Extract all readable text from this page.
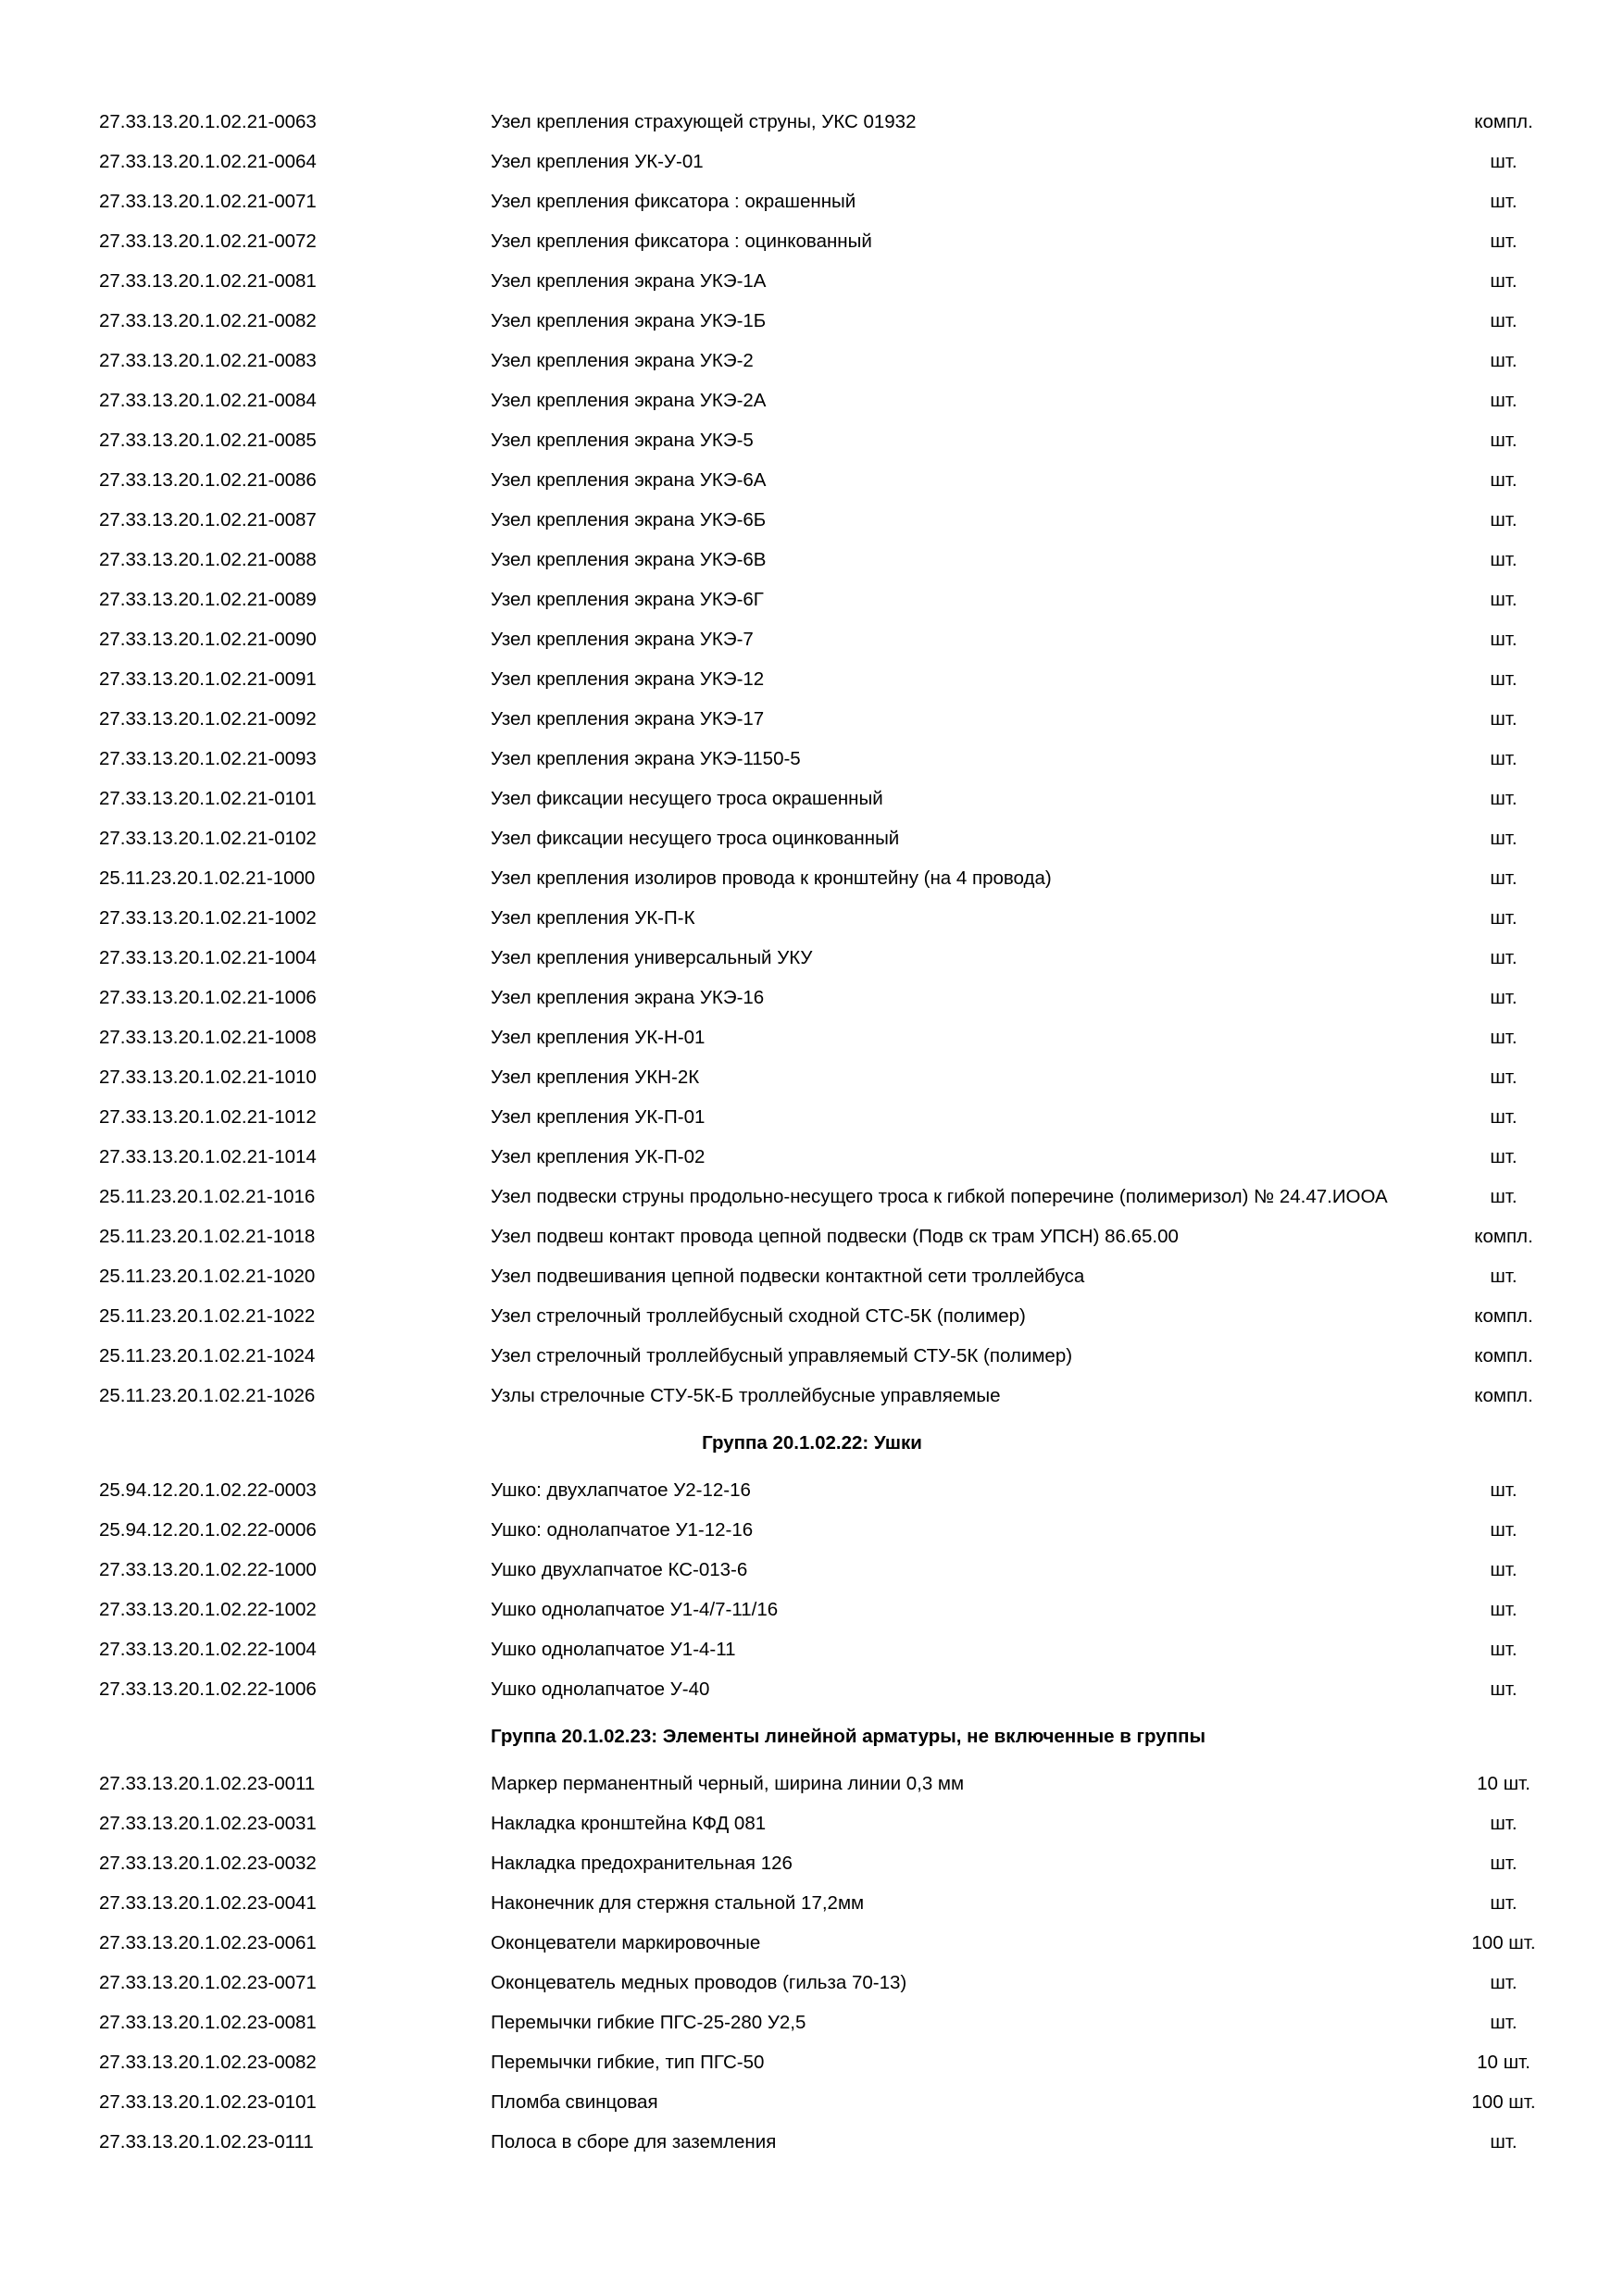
27.33.13.20.1.02.21-0063	Узел крепления страхующей струны, УКС 01932	компл.
27.33.13.20.1.02.21-0064	Узел крепления УК-У-01	шт.
27.33.13.20.1.02.21-0071	Узел крепления фиксатора : окрашенный	шт.
27.33.13.20.1.02.21-0072	Узел крепления фиксатора : оцинкованный	шт.
27.33.13.20.1.02.21-0081	Узел крепления экрана УКЭ-1А	шт.
27.33.13.20.1.02.21-0082	Узел крепления экрана УКЭ-1Б	шт.
27.33.13.20.1.02.21-0083	Узел крепления экрана УКЭ-2	шт.
27.33.13.20.1.02.21-0084	Узел крепления экрана УКЭ-2А	шт.
27.33.13.20.1.02.21-0085	Узел крепления экрана УКЭ-5	шт.
27.33.13.20.1.02.21-0086	Узел крепления экрана УКЭ-6А	шт.
27.33.13.20.1.02.21-0087	Узел крепления экрана УКЭ-6Б	шт.
27.33.13.20.1.02.21-0088	Узел крепления экрана УКЭ-6В	шт.
27.33.13.20.1.02.21-0089	Узел крепления экрана УКЭ-6Г	шт.
27.33.13.20.1.02.21-0090	Узел крепления экрана УКЭ-7	шт.
27.33.13.20.1.02.21-0091	Узел крепления экрана УКЭ-12	шт.
27.33.13.20.1.02.21-0092	Узел крепления экрана УКЭ-17	шт.
27.33.13.20.1.02.21-0093	Узел крепления экрана УКЭ-1150-5	шт.
27.33.13.20.1.02.21-0101	Узел фиксации несущего троса окрашенный	шт.
27.33.13.20.1.02.21-0102	Узел фиксации несущего троса оцинкованный	шт.
25.11.23.20.1.02.21-1000	Узел крепления изолиров провода к кронштейну (на 4 провода)	шт.
27.33.13.20.1.02.21-1002	Узел крепления УК-П-К	шт.
27.33.13.20.1.02.21-1004	Узел крепления универсальный УКУ	шт.
27.33.13.20.1.02.21-1006	Узел крепления экрана УКЭ-16	шт.
27.33.13.20.1.02.21-1008	Узел крепления УК-Н-01	шт.
27.33.13.20.1.02.21-1010	Узел крепления УКН-2К	шт.
27.33.13.20.1.02.21-1012	Узел крепления УК-П-01	шт.
27.33.13.20.1.02.21-1014	Узел крепления УК-П-02	шт.
25.11.23.20.1.02.21-1016	Узел подвески струны продольно-несущего троса к гибкой поперечине (полимеризол) № 24.47.ИООА	шт.
25.11.23.20.1.02.21-1018	Узел подвеш контакт провода цепной подвески (Подв ск трам УПСН) 86.65.00	компл.
25.11.23.20.1.02.21-1020	Узел подвешивания цепной подвески контактной сети троллейбуса	шт.
25.11.23.20.1.02.21-1022	Узел стрелочный троллейбусный сходной СТС-5К (полимер)	компл.
25.11.23.20.1.02.21-1024	Узел стрелочный троллейбусный управляемый СТУ-5К (полимер)	компл.
25.11.23.20.1.02.21-1026	Узлы стрелочные СТУ-5К-Б троллейбусные управляемые	компл.
Группа 20.1.02.22: Ушки
25.94.12.20.1.02.22-0003	Ушко: двухлапчатое У2-12-16	шт.
25.94.12.20.1.02.22-0006	Ушко: однолапчатое У1-12-16	шт.
27.33.13.20.1.02.22-1000	Ушко двухлапчатое КС-013-6	шт.
27.33.13.20.1.02.22-1002	Ушко однолапчатое У1-4/7-11/16	шт.
27.33.13.20.1.02.22-1004	Ушко однолапчатое У1-4-11	шт.
27.33.13.20.1.02.22-1006	Ушко однолапчатое У-40	шт.
Группа 20.1.02.23: Элементы линейной арматуры, не включенные в группы
27.33.13.20.1.02.23-0011	Маркер перманентный черный, ширина линии 0,3 мм	10 шт.
27.33.13.20.1.02.23-0031	Накладка кронштейна КФД 081	шт.
27.33.13.20.1.02.23-0032	Накладка предохранительная 126	шт.
27.33.13.20.1.02.23-0041	Наконечник для стержня стальной 17,2мм	шт.
27.33.13.20.1.02.23-0061	Оконцеватели маркировочные	100 шт.
27.33.13.20.1.02.23-0071	Оконцеватель медных проводов (гильза 70-13)	шт.
27.33.13.20.1.02.23-0081	Перемычки гибкие ПГС-25-280 У2,5	шт.
27.33.13.20.1.02.23-0082	Перемычки гибкие, тип ПГС-50	10 шт.
27.33.13.20.1.02.23-0101	Пломба свинцовая	100 шт.
27.33.13.20.1.02.23-0111	Полоса в сборе для заземления	шт.
